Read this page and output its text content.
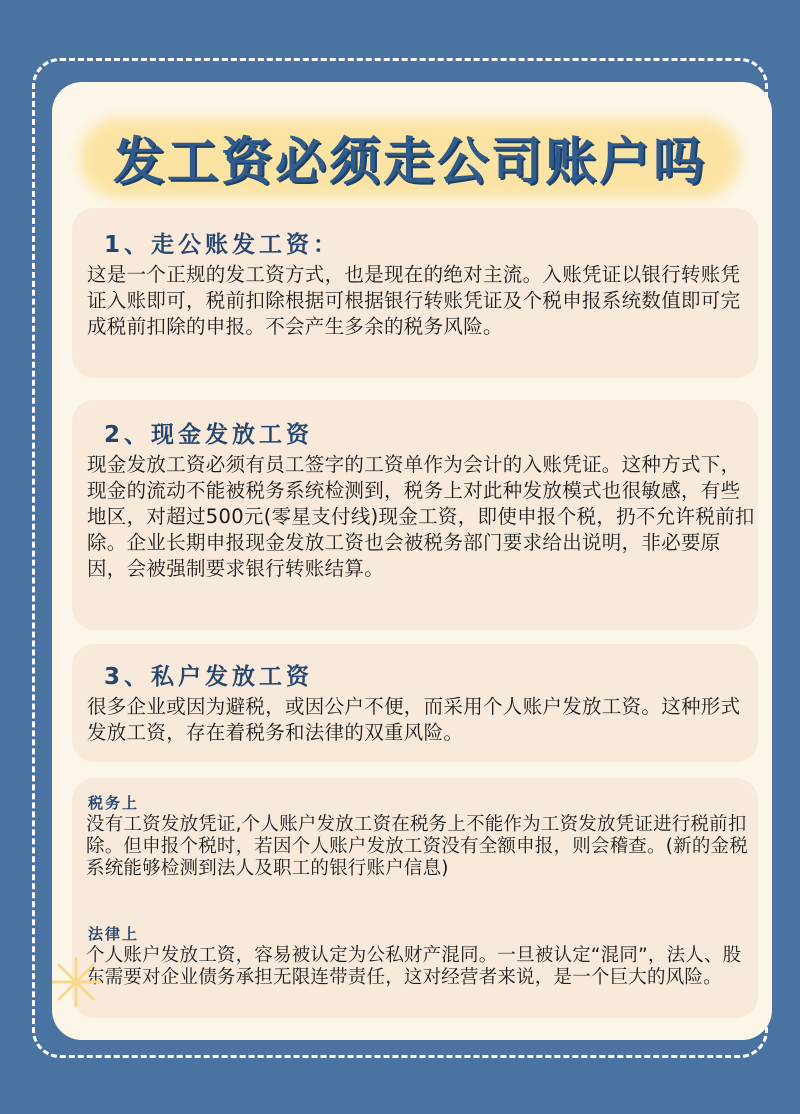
发工资必须走公司账户吗
1、走公账发工资：
这是一个正规的发工资方式，也是现在的绝对主流。入账凭证以银行转账凭证入账即可，税前扣除根据可根据银行转账凭证及个税申报系统数值即可完成税前扣除的申报。不会产生多余的税务风险。
2、现金发放工资
现金发放工资必须有员工签字的工资单作为会计的入账凭证。这种方式下，现金的流动不能被税务系统检测到，税务上对此种发放模式也很敏感，有些地区，对超过500元(零星支付线)现金工资，即使申报个税，扔不允许税前扣除。企业长期申报现金发放工资也会被税务部门要求给出说明，非必要原因，会被强制要求银行转账结算。
3、私户发放工资
很多企业或因为避税，或因公户不便，而采用个人账户发放工资。这种形式发放工资，存在着税务和法律的双重风险。
税务上
没有工资发放凭证,个人账户发放工资在税务上不能作为工资发放凭证进行税前扣除。但申报个税时，若因个人账户发放工资没有全额申报，则会稽查。(新的金税系统能够检测到法人及职工的银行账户信息)
法律上
个人账户发放工资，容易被认定为公私财产混同。一旦被认定“混同”，法人、股东需要对企业债务承担无限连带责任，这对经营者来说，是一个巨大的风险。
